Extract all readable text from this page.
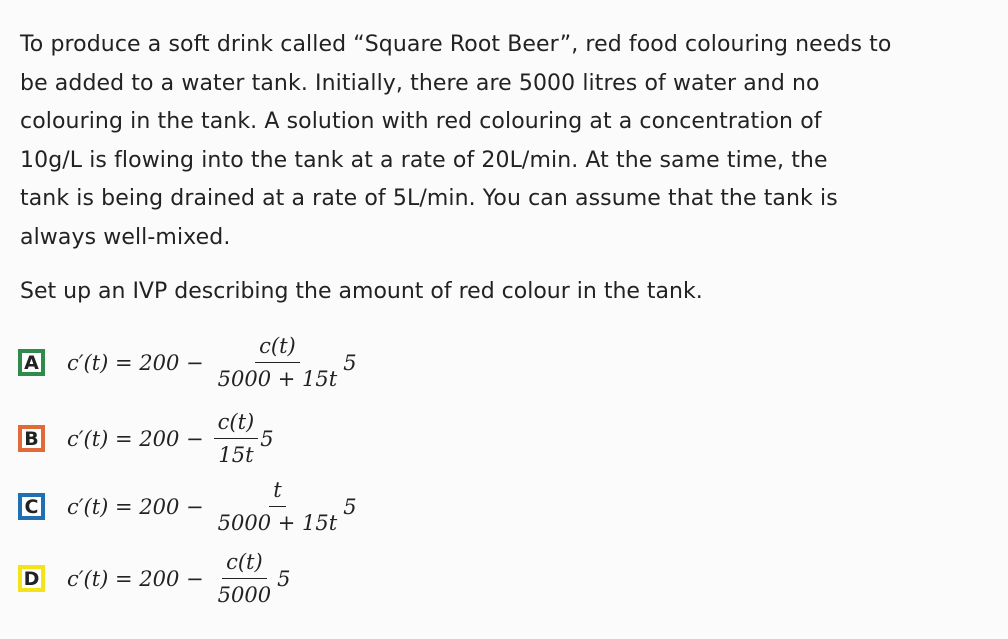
To produce a soft drink called “Square Root Beer”, red food colouring needs to

be added to a water tank. Initially, there are 5000 litres of water and no

colouring in the tank. A solution with red colouring at a concentration of

10g/L is flowing into the tank at a rate of 20L/min. At the same time, the

tank is being drained at a rate of 5L/min. You can assume that the tank is

always well-mixed.

Set up an IVP describing the amount of red colour in the tank.
A $c'(t) = 200 - \frac{c(t)}{5000 + 15t} 5$
B $c'(t) = 200 - \frac{c(t)}{15t} 5$
C $c'(t) = 200 - \frac{t}{5000 + 15t} 5$
D $c'(t) = 200 - \frac{c(t)}{5000} 5$
